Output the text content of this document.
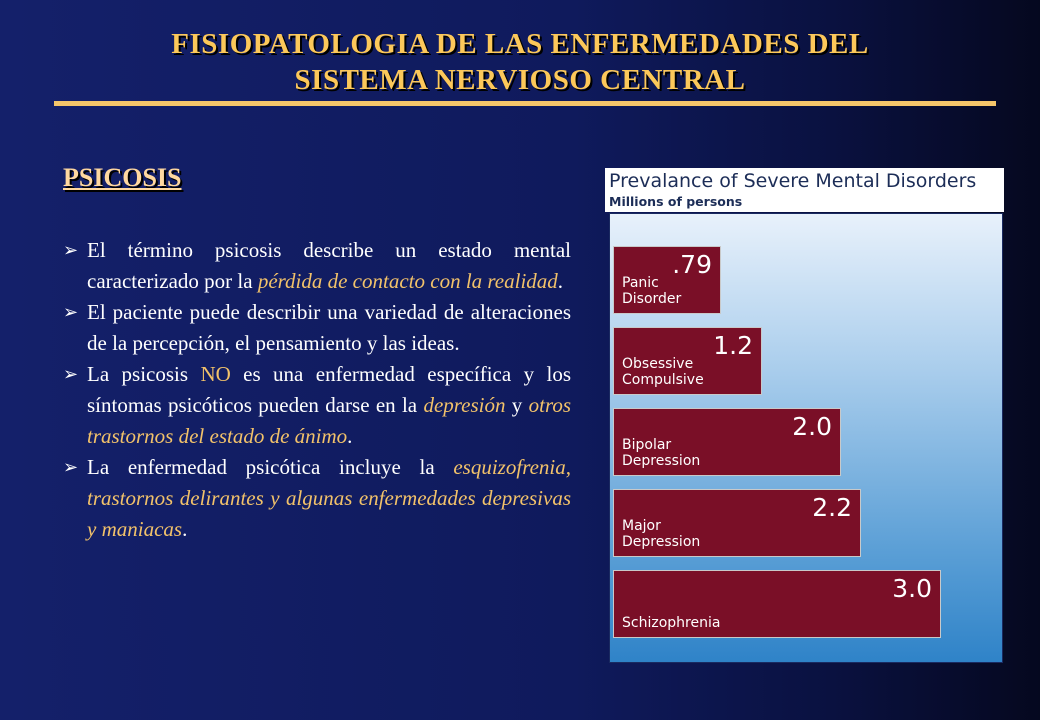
FISIOPATOLOGIA DE LAS ENFERMEDADES DEL
SISTEMA NERVIOSO CENTRAL
PSICOSIS
➢ El término psicosis describe un estado mental caracterizado por la pérdida de contacto con la realidad.
➢ El paciente puede describir una variedad de alteraciones de la percepción, el pensamiento y las ideas.
➢ La psicosis NO es una enfermedad específica y los síntomas psicóticos pueden darse en la depresión y otros trastornos del estado de ánimo.
➢ La enfermedad psicótica incluye la esquizofrenia, trastornos delirantes y algunas enfermedades depresivas y maniacas.
.79
Panic
Disorder
1.2
Obsessive
Compulsive
2.0
Bipolar
Depression
2.2
Major
Depression
3.0
Schizophrenia
Prevalance of Severe Mental Disorders
Millions of persons
